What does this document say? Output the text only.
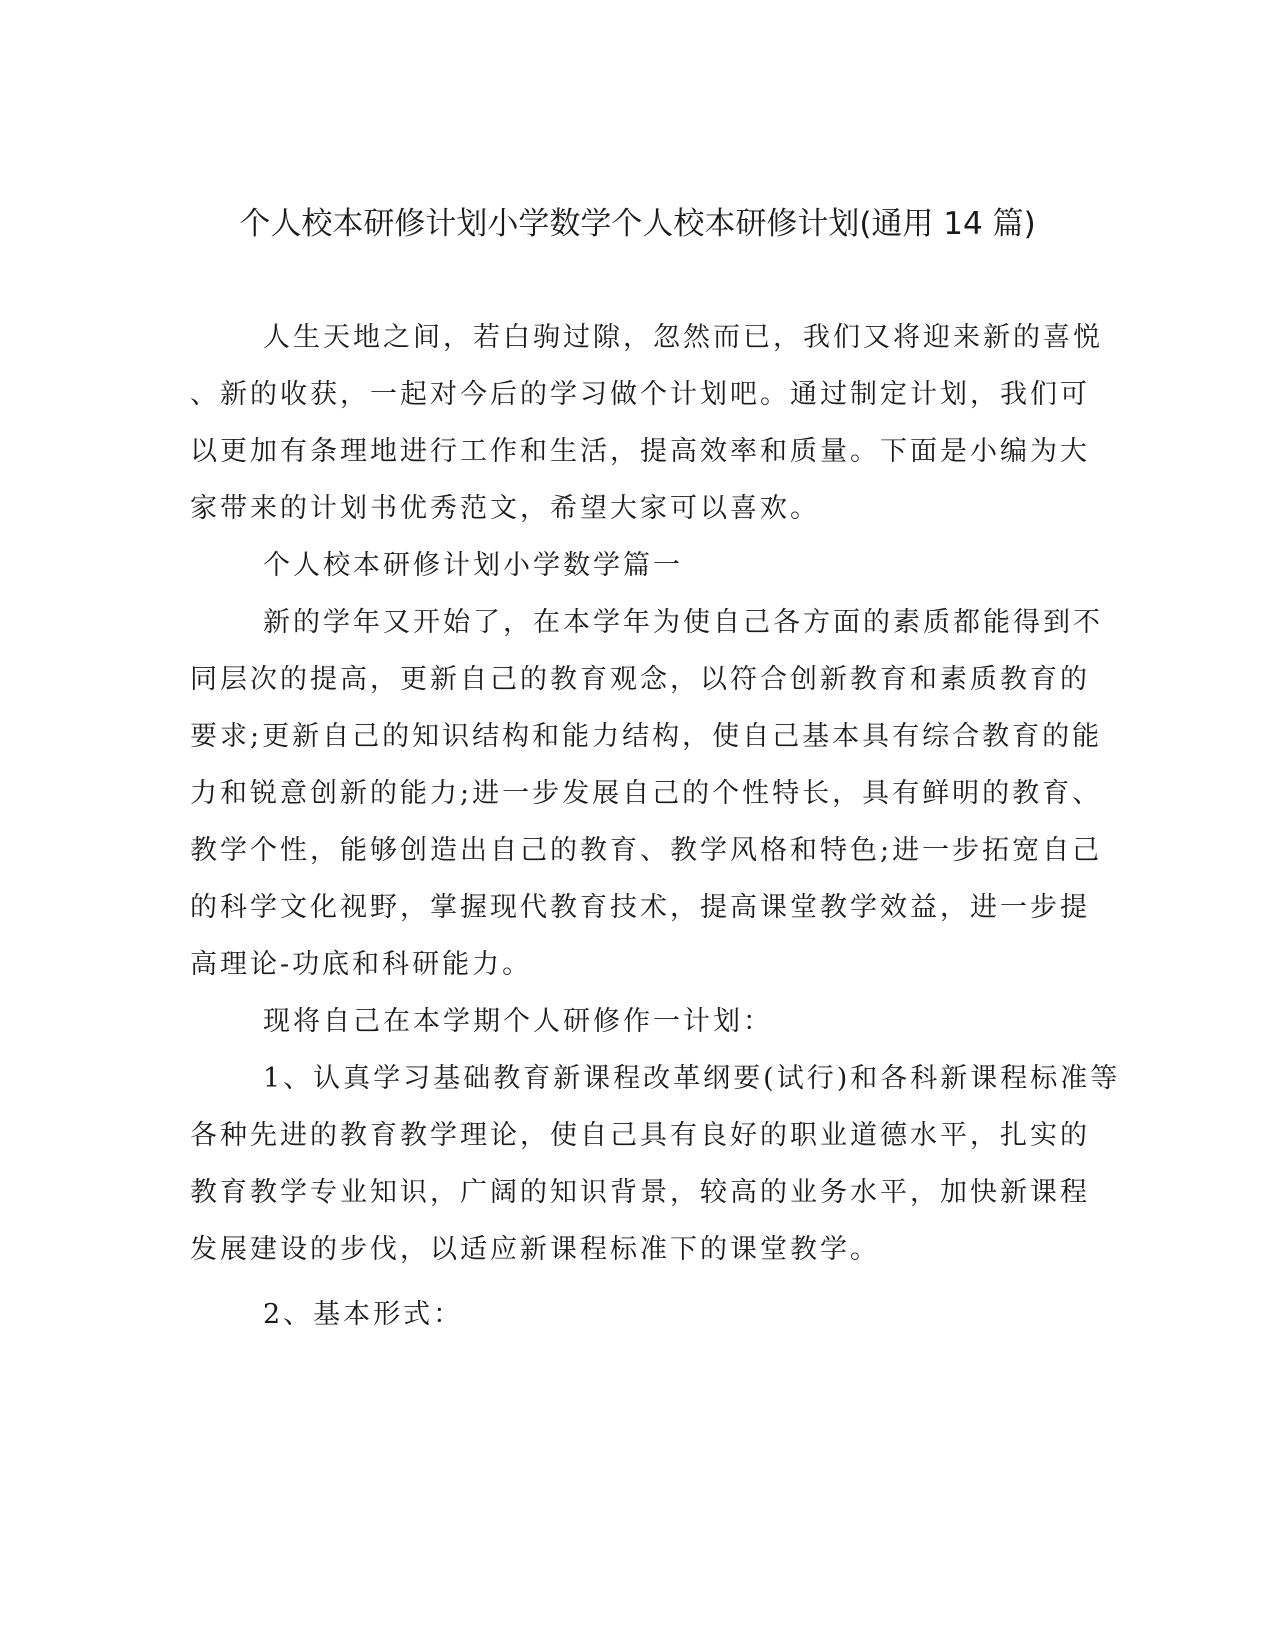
个人校本研修计划小学数学个人校本研修计划(通用 14 篇)
人生天地之间，若白驹过隙，忽然而已，我们又将迎来新的喜悦
、新的收获，一起对今后的学习做个计划吧。通过制定计划，我们可
以更加有条理地进行工作和生活，提高效率和质量。下面是小编为大
家带来的计划书优秀范文，希望大家可以喜欢。
个人校本研修计划小学数学篇一
新的学年又开始了，在本学年为使自己各方面的素质都能得到不
同层次的提高，更新自己的教育观念，以符合创新教育和素质教育的
要求;更新自己的知识结构和能力结构，使自己基本具有综合教育的能
力和锐意创新的能力;进一步发展自己的个性特长，具有鲜明的教育、
教学个性，能够创造出自己的教育、教学风格和特色;进一步拓宽自己
的科学文化视野，掌握现代教育技术，提高课堂教学效益，进一步提
高理论-功底和科研能力。
现将自己在本学期个人研修作一计划：
1、认真学习基础教育新课程改革纲要(试行)和各科新课程标准等
各种先进的教育教学理论，使自己具有良好的职业道德水平，扎实的
教育教学专业知识，广阔的知识背景，较高的业务水平，加快新课程
发展建设的步伐，以适应新课程标准下的课堂教学。
2、基本形式：
